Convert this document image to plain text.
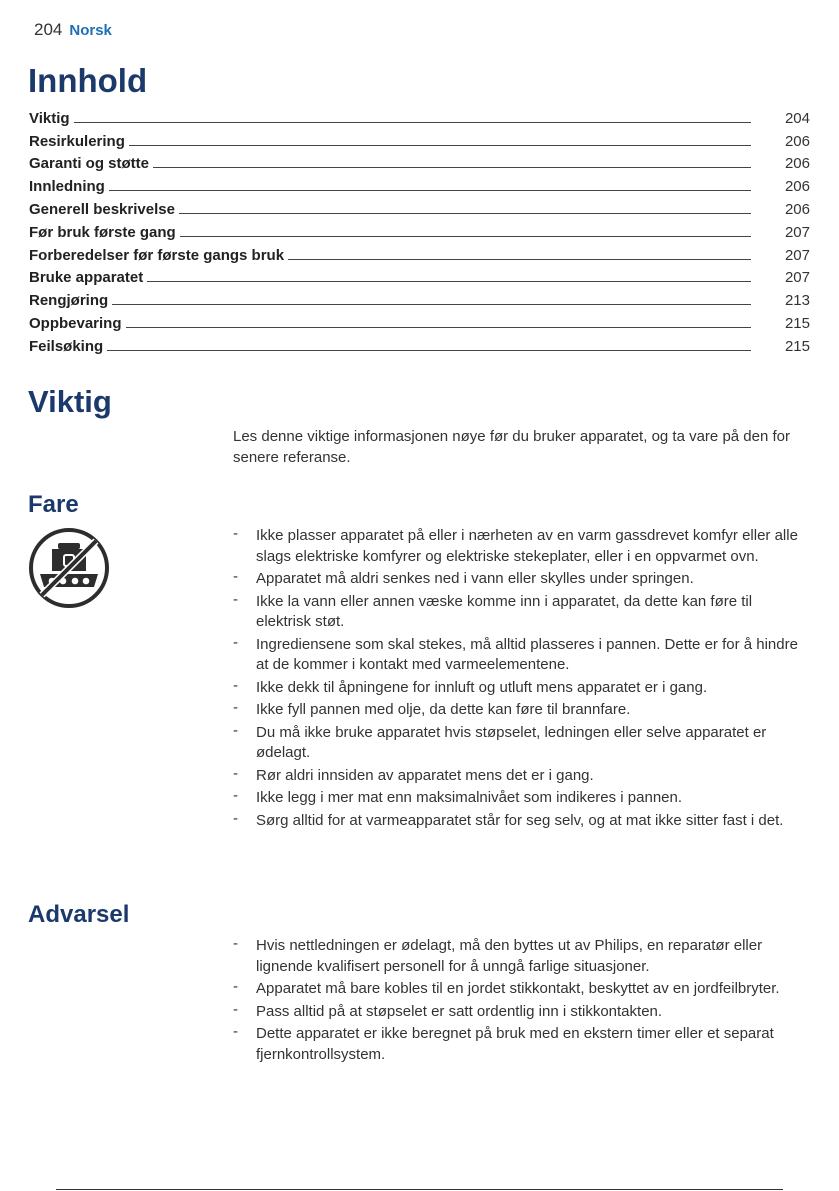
204 Norsk
Innhold
Viktig	204
Resirkulering	206
Garanti og støtte	206
Innledning	206
Generell beskrivelse	206
Før bruk første gang	207
Forberedelser før første gangs bruk	207
Bruke apparatet	207
Rengjøring	213
Oppbevaring	215
Feilsøking	215
Viktig
Les denne viktige informasjonen nøye før du bruker apparatet, og ta vare på den for senere referanse.
Fare
- Ikke plasser apparatet på eller i nærheten av en varm gassdrevet komfyr eller alle slags elektriske komfyrer og elektriske stekeplater, eller i en oppvarmet ovn.
- Apparatet må aldri senkes ned i vann eller skylles under springen.
- Ikke la vann eller annen væske komme inn i apparatet, da dette kan føre til elektrisk støt.
- Ingrediensene som skal stekes, må alltid plasseres i pannen. Dette er for å hindre at de kommer i kontakt med varmeelementene.
- Ikke dekk til åpningene for innluft og utluft mens apparatet er i gang.
- Ikke fyll pannen med olje, da dette kan føre til brannfare.
- Du må ikke bruke apparatet hvis støpselet, ledningen eller selve apparatet er ødelagt.
- Rør aldri innsiden av apparatet mens det er i gang.
- Ikke legg i mer mat enn maksimalnivået som indikeres i pannen.
- Sørg alltid for at varmeapparatet står for seg selv, og at mat ikke sitter fast i det.
Advarsel
- Hvis nettledningen er ødelagt, må den byttes ut av Philips, en reparatør eller lignende kvalifisert personell for å unngå farlige situasjoner.
- Apparatet må bare kobles til en jordet stikkontakt, beskyttet av en jordfeilbryter.
- Pass alltid på at støpselet er satt ordentlig inn i stikkontakten.
- Dette apparatet er ikke beregnet på bruk med en ekstern timer eller et separat fjernkontrollsystem.
